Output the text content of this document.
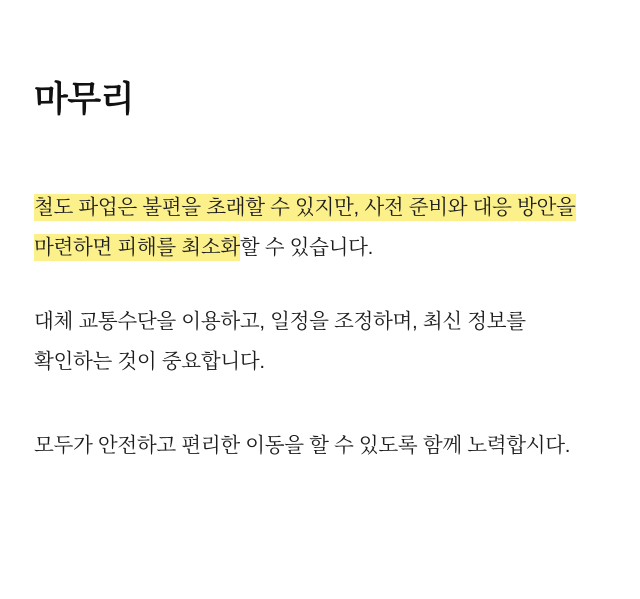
마무리

철도 파업은 불편을 초래할 수 있지만, 사전 준비와 대응 방안을 마련하면 피해를 최소화할 수 있습니다.

대체 교통수단을 이용하고, 일정을 조정하며, 최신 정보를 확인하는 것이 중요합니다.

모두가 안전하고 편리한 이동을 할 수 있도록 함께 노력합시다.
